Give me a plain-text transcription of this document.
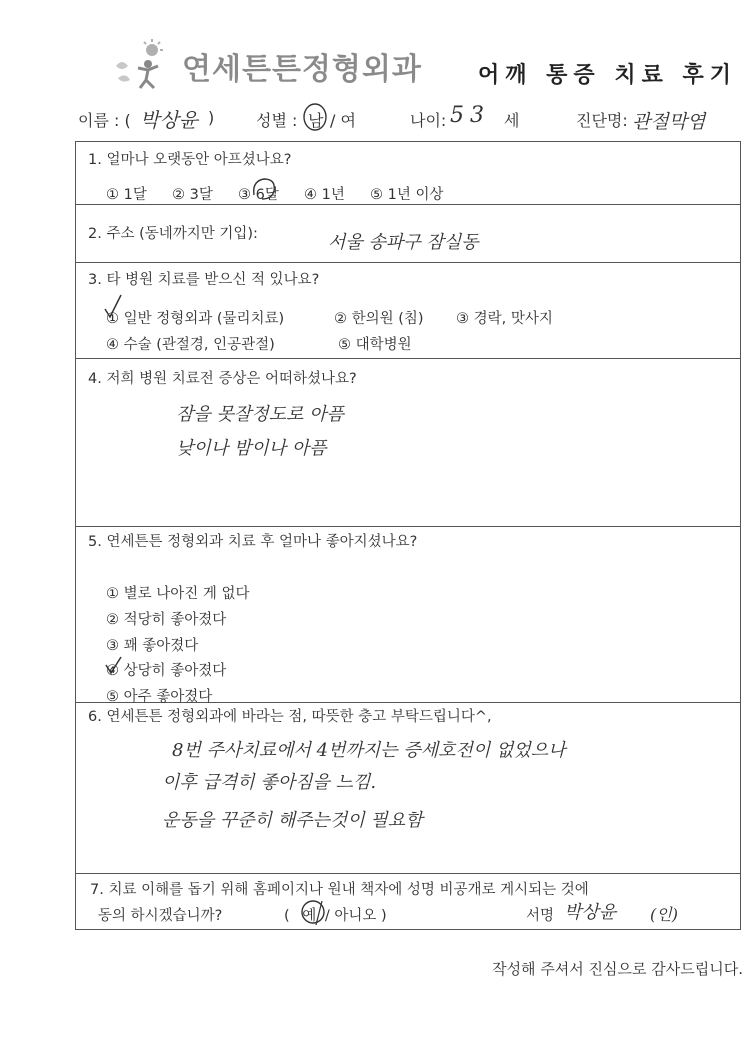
연세튼튼정형외과	어깨 통증 치료 후기
이름 : ( 박상윤 )	성별 : 남 / 여	나이: 53 세	진단명: 관절막염
1. 얼마나 오랫동안 아프셨나요?
① 1달 ② 3달 ③ 6달 ④ 1년 ⑤ 1년 이상
2. 주소 (동네까지만 기입):	서울 송파구 잠실동
3. 타 병원 치료를 받으신 적 있나요?
① 일반 정형외과 (물리치료)	② 한의원 (침) ③ 경락, 맛사지
④ 수술 (관절경, 인공관절)	⑤ 대학병원
4. 저희 병원 치료전 증상은 어떠하셨나요?
잠을 못잘정도로 아픔
낮이나 밤이나 아픔
5. 연세튼튼 정형외과 치료 후 얼마나 좋아지셨나요?
① 별로 나아진 게 없다
② 적당히 좋아졌다
③ 꽤 좋아졌다
④ 상당히 좋아졌다
⑤ 아주 좋아졌다
6. 연세튼튼 정형외과에 바라는 점, 따뜻한 충고 부탁드립니다^,
8번 주사치료에서 4번까지는 증세호전이 없었으나
이후 급격히 좋아짐을 느낌.
운동을 꾸준히 해주는것이 필요함
7. 치료 이해를 돕기 위해 홈페이지나 원내 책자에 성명 비공개로 게시되는 것에
동의 하시겠습니까?	( 예 / 아니오 )	서명 박상윤 (인)
작성해 주셔서 진심으로 감사드립니다.
